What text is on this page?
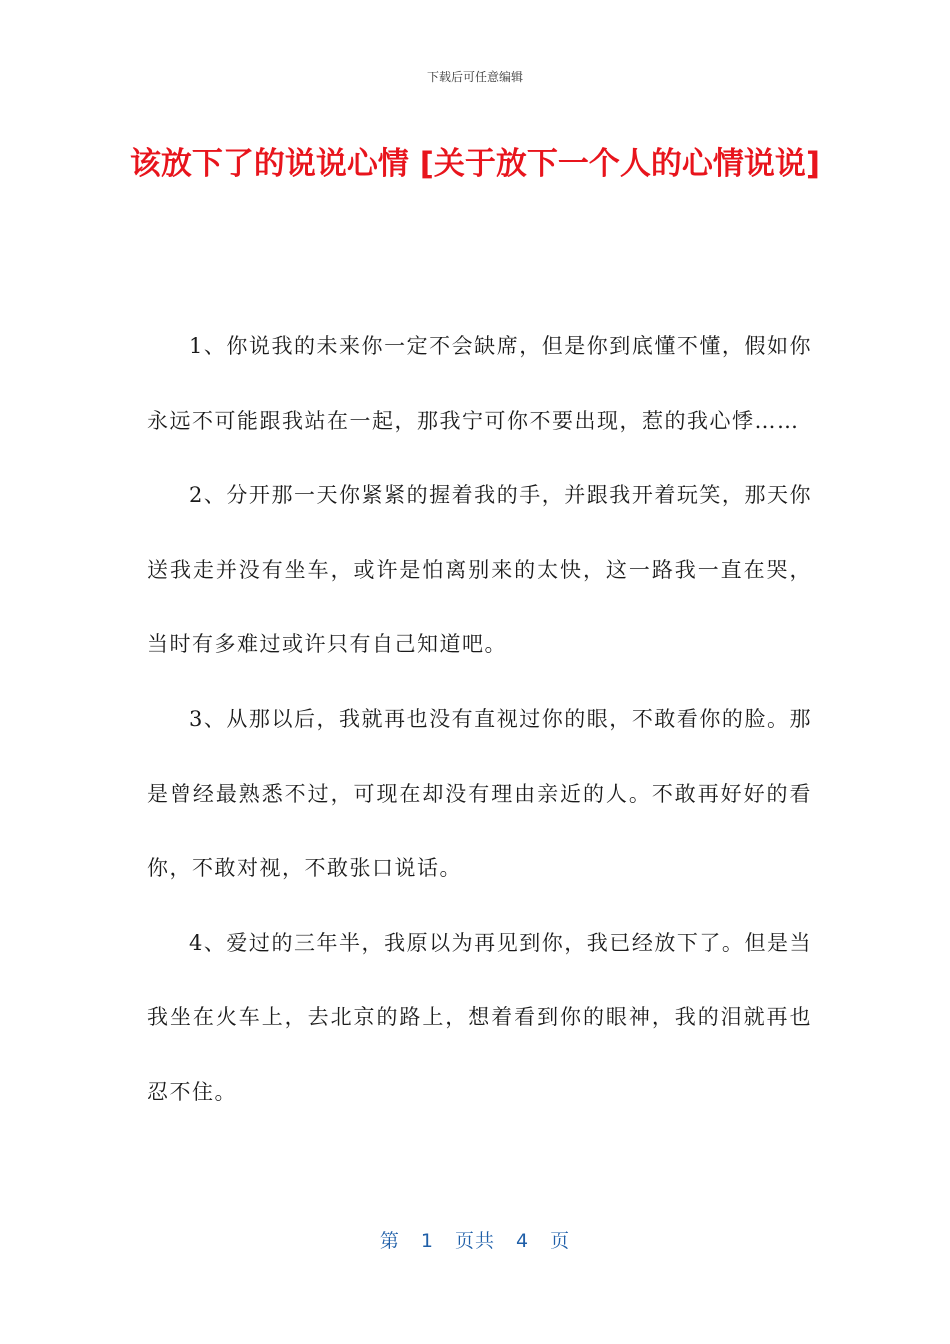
下载后可任意编辑
该放下了的说说心情 [关于放下一个人的心情说说]

1、你说我的未来你一定不会缺席，但是你到底懂不懂，假如你永远不可能跟我站在一起，那我宁可你不要出现，惹的我心悸……

2、分开那一天你紧紧的握着我的手，并跟我开着玩笑，那天你送我走并没有坐车，或许是怕离别来的太快，这一路我一直在哭，当时有多难过或许只有自己知道吧。

3、从那以后，我就再也没有直视过你的眼，不敢看你的脸。那是曾经最熟悉不过，可现在却没有理由亲近的人。不敢再好好的看你，不敢对视，不敢张口说话。

4、爱过的三年半，我原以为再见到你，我已经放下了。但是当我坐在火车上，去北京的路上，想着看到你的眼神，我的泪就再也忍不住。

第 1 页共 4 页
